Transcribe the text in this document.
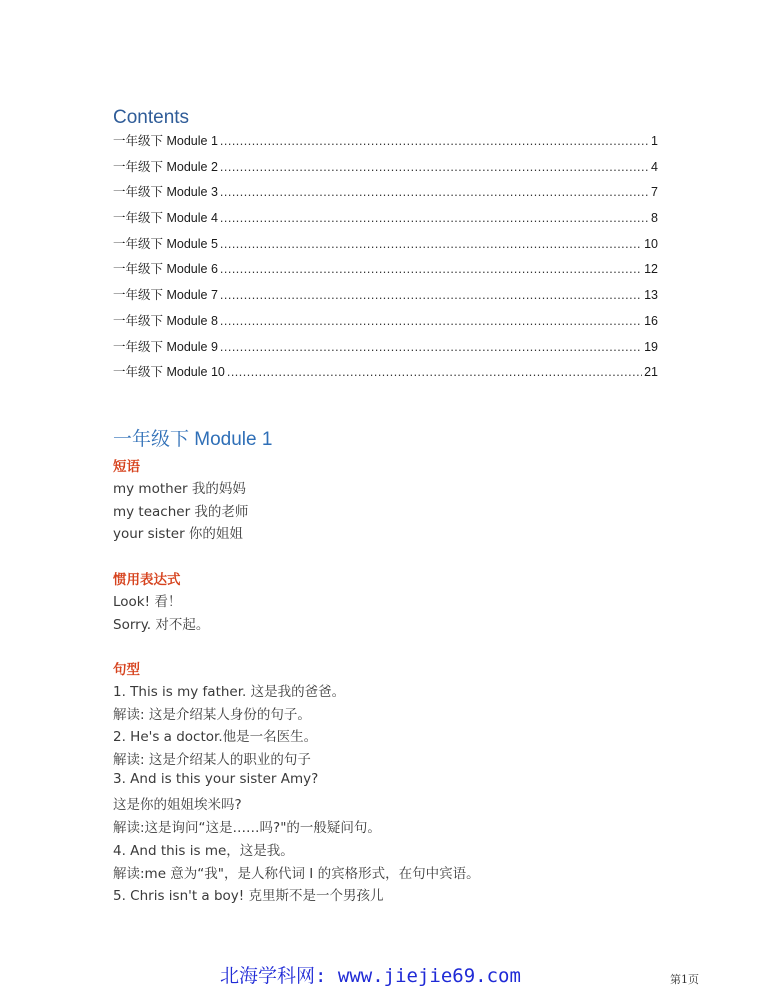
Contents
一年级下 Module 1 .....	1
一年级下 Module 2 .....	4
一年级下 Module 3 .....	7
一年级下 Module 4 .....	8
一年级下 Module 5 .....	10
一年级下 Module 6 .....	12
一年级下 Module 7 .....	13
一年级下 Module 8 .....	16
一年级下 Module 9 .....	19
一年级下 Module 10 .....	21
一年级下 Module 1
短语
my mother 我的妈妈
my teacher 我的老师
your sister 你的姐姐
惯用表达式
Look! 看！
Sorry. 对不起。
句型
1. This is my father. 这是我的爸爸。
解读: 这是介绍某人身份的句子。
2. He's a doctor.他是一名医生。
解读: 这是介绍某人的职业的句子
3. And is this your sister Amy?
这是你的姐姐埃米吗?
解读:这是询问“这是……吗?"的一般疑问句。
4. And this is me，这是我。
解读:me 意为“我"，是人称代词 I 的宾格形式，在句中宾语。
5. Chris isn't a boy! 克里斯不是一个男孩儿
北海学科网: www.jiejie69.com	第1页
